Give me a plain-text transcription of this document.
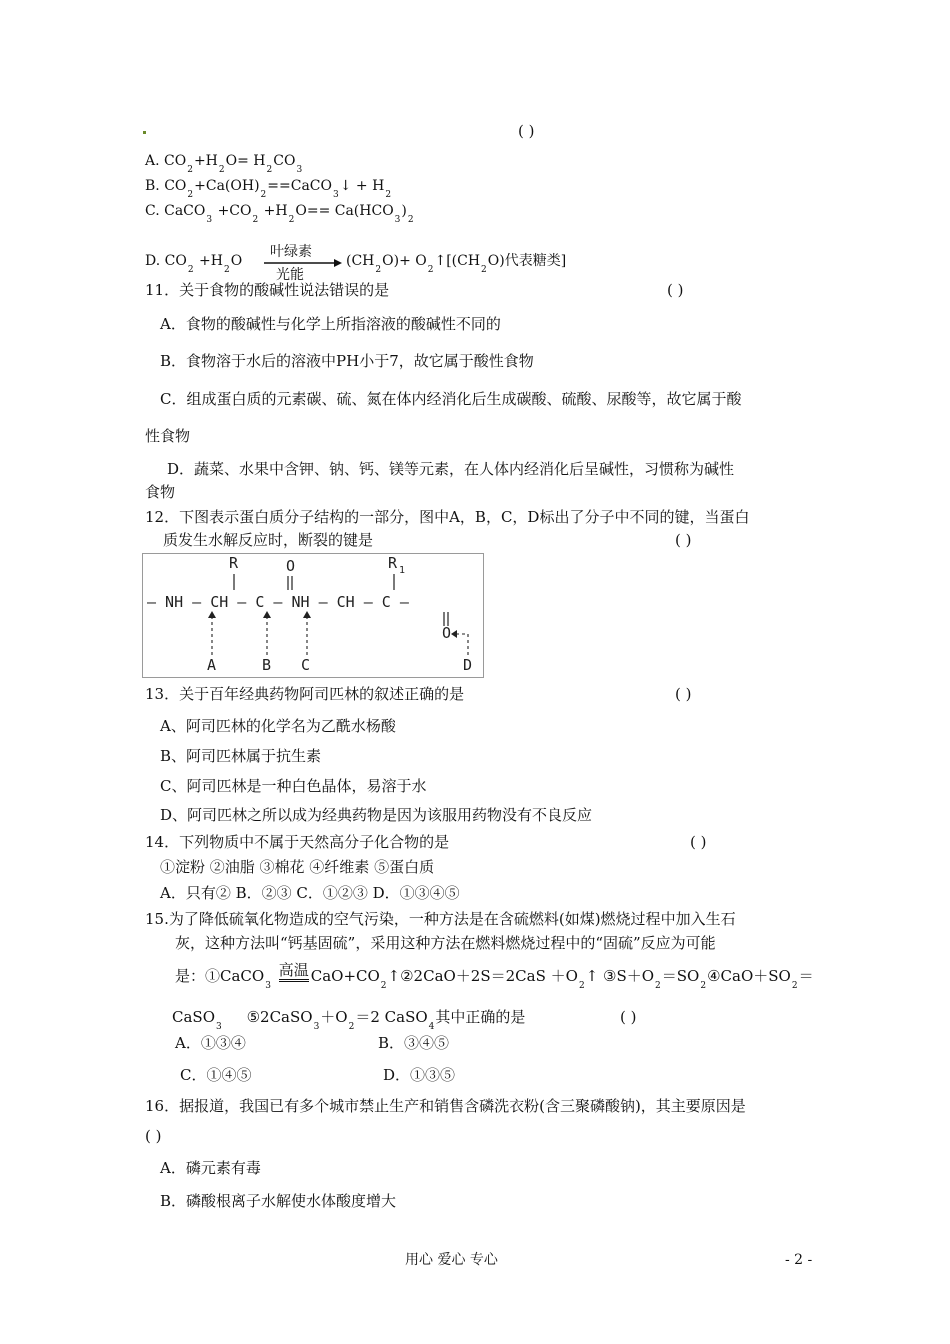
( )
A. $CO_2+H_2O= H_2CO_3$
B. $CO_2+Ca(OH)_2==CaCO_3↓ + H_2$
C. CaCO$_3$ $+CO_2 +H_2O== Ca(HCO_3)_2$
D. $CO_2 +H_2O$
叶绿素
光能
$(CH_2O)+$ $O_2↑[(CH_2O)$代表糖类]
11．关于食物的酸碱性说法错误的是	( )
A．食物的酸碱性与化学上所指溶液的酸碱性不同的
B．食物溶于水后的溶液中PH小于7，故它属于酸性食物
C．组成蛋白质的元素碳、硫、氮在体内经消化后生成碳酸、硫酸、尿酸等，故它属于酸
性食物
D．蔬菜、水果中含钾、钠、钙、镁等元素，在人体内经消化后呈碱性，习惯称为碱性
食物
12．下图表示蛋白质分子结构的一部分，图中A，B，C，D标出了分子中不同的键，当蛋白
质发生水解反应时，断裂的键是	( )
— NH — CH — C — NH — CH — C —
R	R 1
O
O
A	B C	D
13．关于百年经典药物阿司匹林的叙述正确的是	( )
A、阿司匹林的化学名为乙酰水杨酸
B、阿司匹林属于抗生素
C、阿司匹林是一种白色晶体，易溶于水
D、阿司匹林之所以成为经典药物是因为该服用药物没有不良反应
14．下列物质中不属于天然高分子化合物的是	( )
①淀粉 ②油脂 ③棉花 ④纤维素 ⑤蛋白质
A．只有② B．②③ C．①②③ D．①③④⑤
15.为了降低硫氧化物造成的空气污染，一种方法是在含硫燃料(如煤)燃烧过程中加入生石
灰，这种方法叫“钙基固硫”，采用这种方法在燃料燃烧过程中的“固硫”反应为可能
是：①CaCO$_3$ 高温 $CaO+CO_2↑②2CaO+2S=2CaS$ $+O_2↑$ $③S+O_2=SO_2④CaO+SO_2=$
CaSO$_3$     $⑤2CaSO_3+O_2=2$ CaSO$_4$其中正确的是	( )
A．①③④	B．③④⑤
C．①④⑤	D．①③⑤
16．据报道，我国已有多个城市禁止生产和销售含磷洗衣粉(含三聚磷酸钠)，其主要原因是
( )
A．磷元素有毒
B．磷酸根离子水解使水体酸度增大
用心 爱心 专心	- 2 -
